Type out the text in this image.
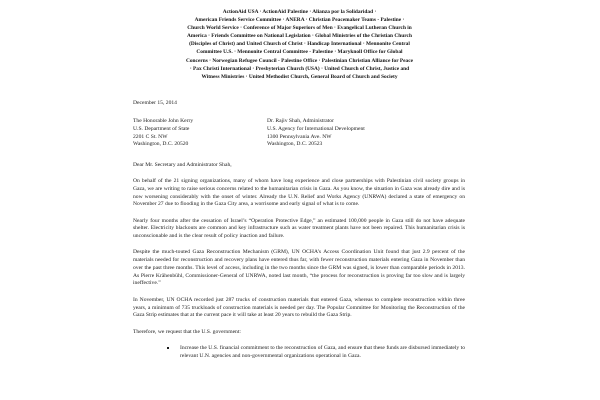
ActionAid USA · ActionAid Palestine · Alianza por la Solidaridad ·
American Friends Service Committee · ANERA · Christian Peacemaker Teams - Palestine ·
Church World Service · Conference of Major Superiors of Men · Evangelical Lutheran Church in
America · Friends Committee on National Legislation · Global Ministries of the Christian Church
(Disciples of Christ) and United Church of Christ · Handicap International · Mennonite Central
Committee U.S. · Mennonite Central Committee - Palestine · Maryknoll Office for Global
Concerns · Norwegian Refugee Council - Palestine Office · Palestinian Christian Alliance for Peace
· Pax Christi International · Presbyterian Church (USA) · United Church of Christ, Justice and
Witness Ministries · United Methodist Church, General Board of Church and Society
December 15, 2014
The Honorable John Kerry
U.S. Department of State
2201 C St. NW
Washington, D.C. 20520
Dr. Rajiv Shah, Administrator
U.S. Agency for International Development
1300 Pennsylvania Ave. NW
Washington, D.C. 20523
Dear Mr. Secretary and Administrator Shah,

On behalf of the 21 signing organizations, many of whom have long experience and close partnerships with Palestinian civil society groups in Gaza, we are writing to raise serious concerns related to the humanitarian crisis in Gaza. As you know, the situation in Gaza was already dire and is now worsening considerably with the onset of winter. Already the U.N. Relief and Works Agency (UNRWA) declared a state of emergency on November 27 due to flooding in the Gaza City area, a worrisome and early signal of what is to come.

Nearly four months after the cessation of Israel’s “Operation Protective Edge,” an estimated 100,000 people in Gaza still do not have adequate shelter. Electricity blackouts are common and key infrastructure such as water treatment plants have not been repaired. This humanitarian crisis is unconscionable and is the clear result of policy inaction and failure.

Despite the much-touted Gaza Reconstruction Mechanism (GRM), UN OCHA’s Access Coordination Unit found that just 2.9 percent of the materials needed for reconstruction and recovery plans have entered thus far, with fewer reconstruction materials entering Gaza in November than over the past three months. This level of access, including in the two months since the GRM was signed, is lower than comparable periods in 2013. As Pierre Krähenbühl, Commissioner-General of UNRWA, noted last month, “the process for reconstruction is proving far too slow and is largely ineffective.”

In November, UN OCHA recorded just 287 trucks of construction materials that entered Gaza, whereas to complete reconstruction within three years, a minimum of 735 truckloads of construction materials is needed per day. The Popular Committee for Monitoring the Reconstruction of the Gaza Strip estimates that at the current pace it will take at least 20 years to rebuild the Gaza Strip.

Therefore, we request that the U.S. government:

Increase the U.S. financial commitment to the reconstruction of Gaza, and ensure that these funds are disbursed immediately to relevant U.N. agencies and non-governmental organizations operational in Gaza.
